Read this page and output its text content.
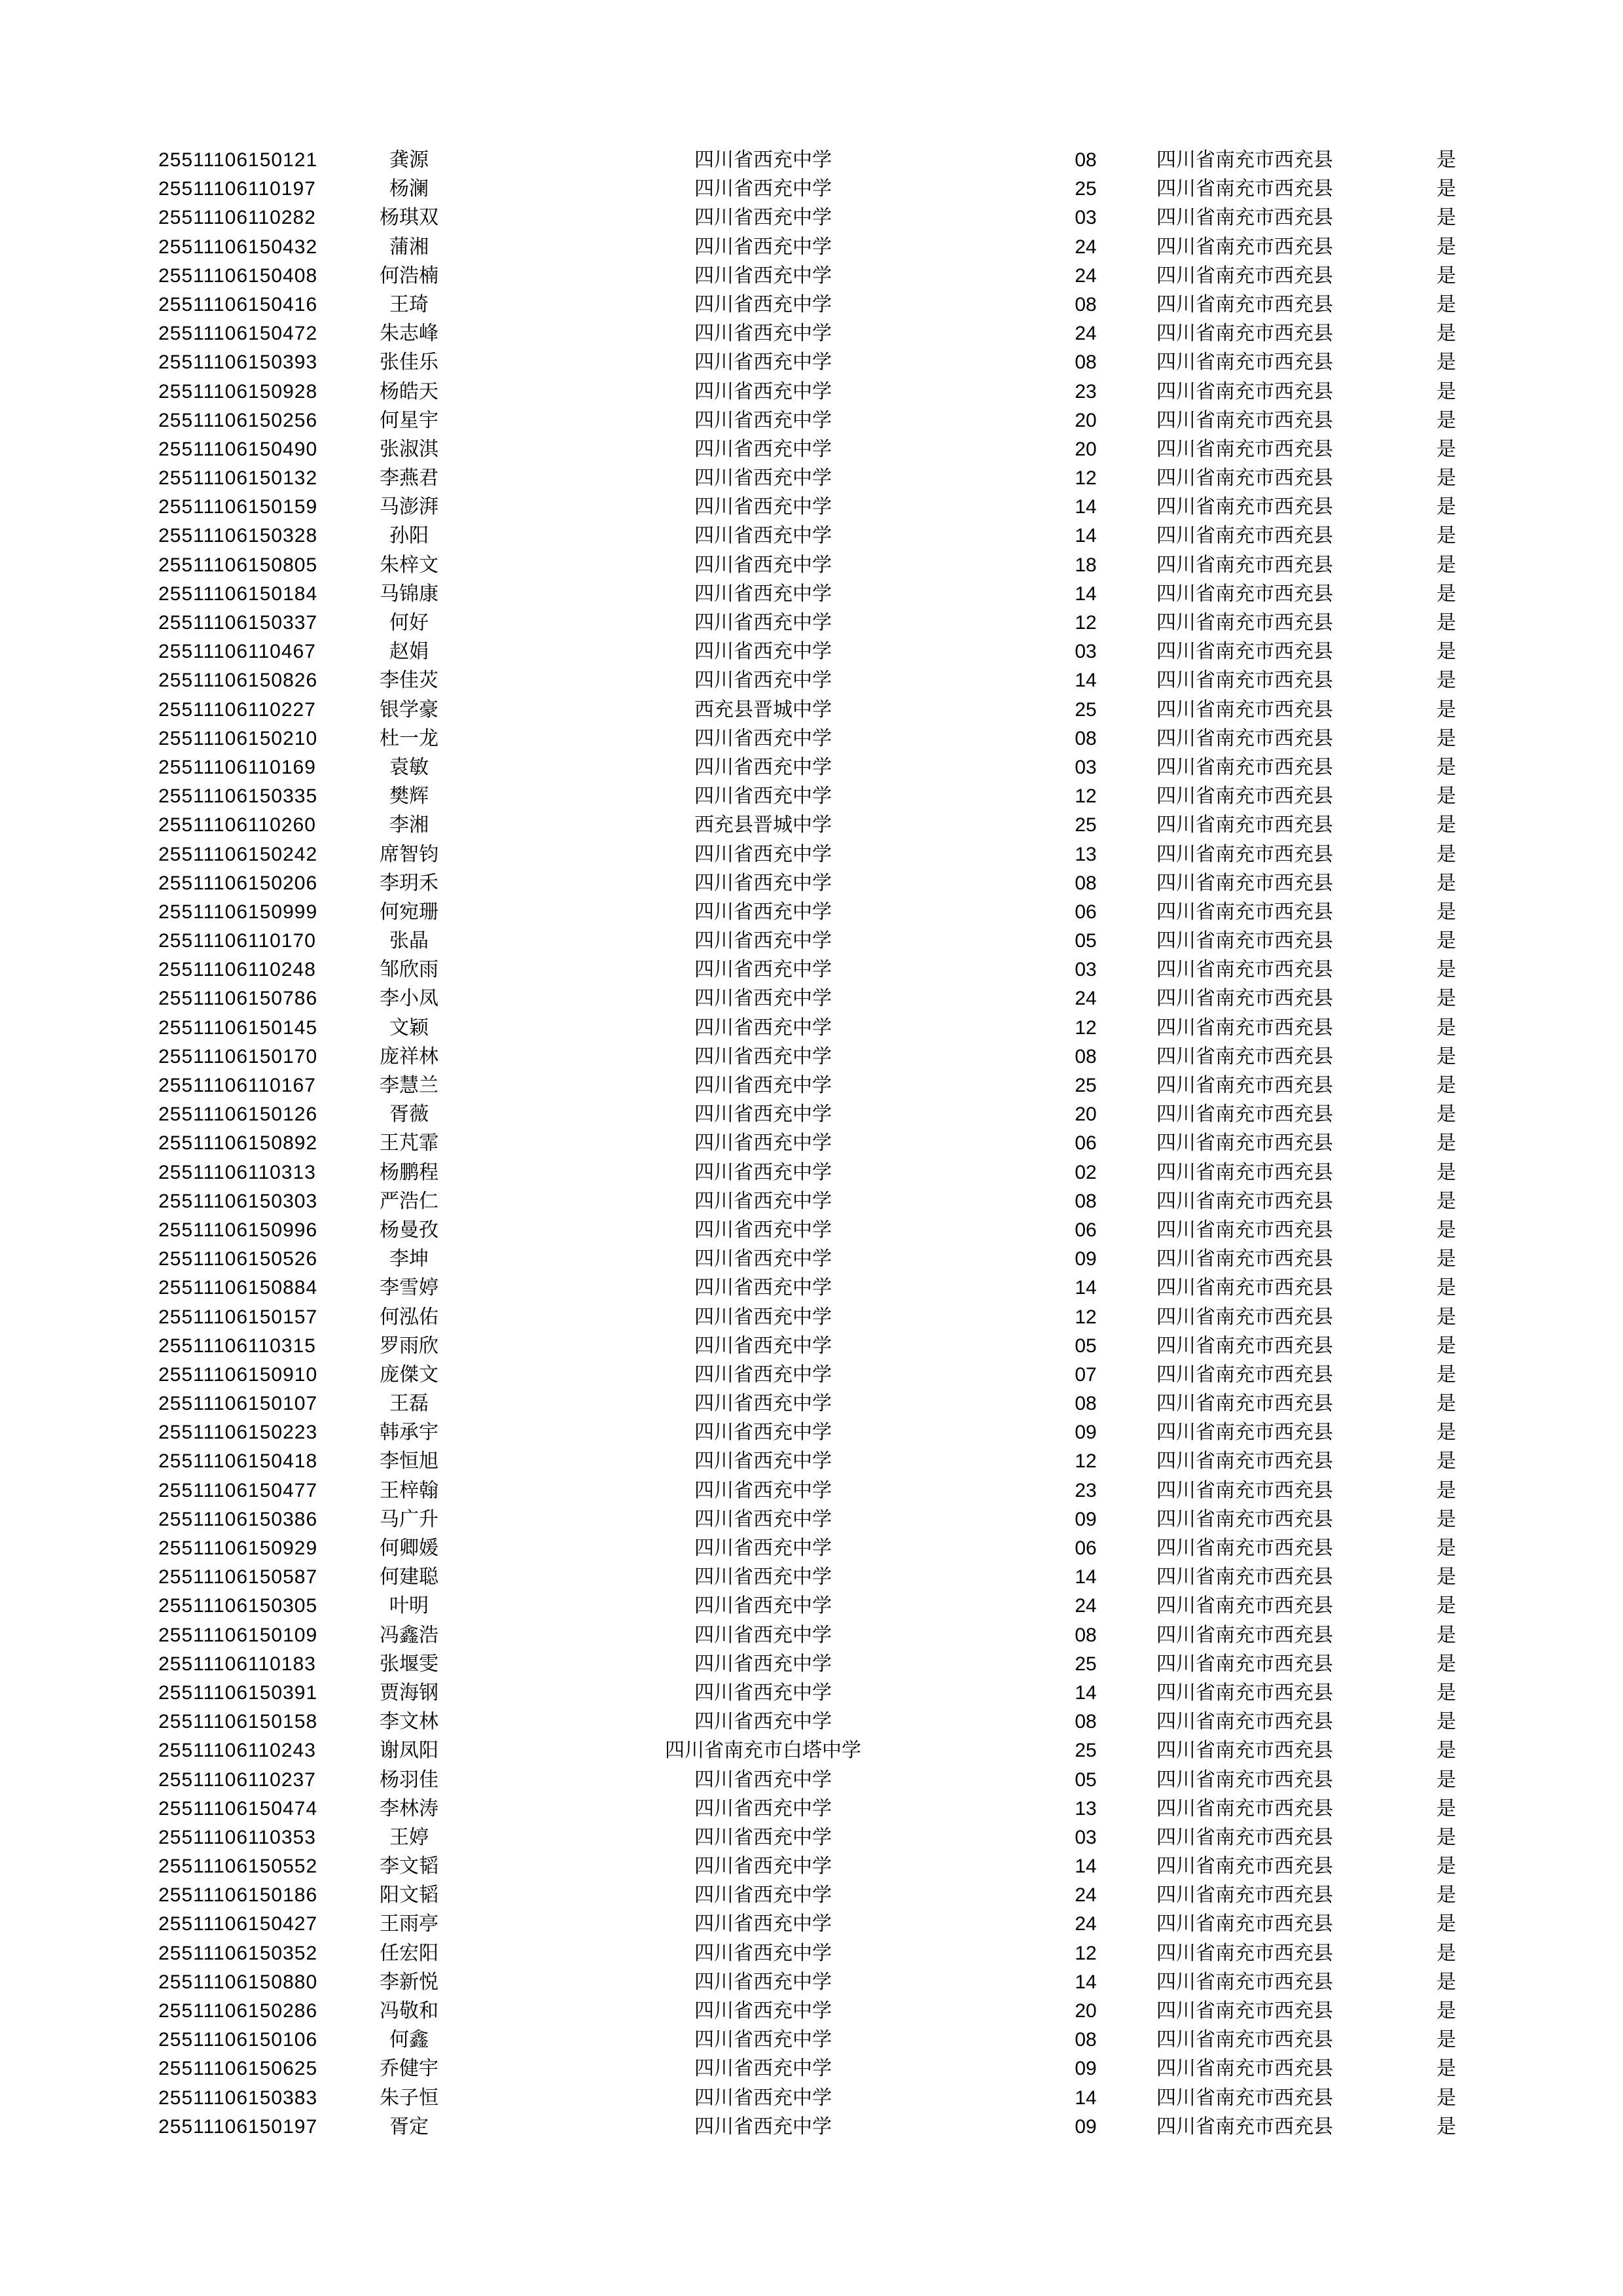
25511106150121	龚源	四川省西充中学	08	四川省南充市西充县	是
25511106110197	杨澜	四川省西充中学	25	四川省南充市西充县	是
25511106110282	杨琪双	四川省西充中学	03	四川省南充市西充县	是
25511106150432	蒲湘	四川省西充中学	24	四川省南充市西充县	是
25511106150408	何浩楠	四川省西充中学	24	四川省南充市西充县	是
25511106150416	王琦	四川省西充中学	08	四川省南充市西充县	是
25511106150472	朱志峰	四川省西充中学	24	四川省南充市西充县	是
25511106150393	张佳乐	四川省西充中学	08	四川省南充市西充县	是
25511106150928	杨皓天	四川省西充中学	23	四川省南充市西充县	是
25511106150256	何星宇	四川省西充中学	20	四川省南充市西充县	是
25511106150490	张淑淇	四川省西充中学	20	四川省南充市西充县	是
25511106150132	李燕君	四川省西充中学	12	四川省南充市西充县	是
25511106150159	马澎湃	四川省西充中学	14	四川省南充市西充县	是
25511106150328	孙阳	四川省西充中学	14	四川省南充市西充县	是
25511106150805	朱梓文	四川省西充中学	18	四川省南充市西充县	是
25511106150184	马锦康	四川省西充中学	14	四川省南充市西充县	是
25511106150337	何好	四川省西充中学	12	四川省南充市西充县	是
25511106110467	赵娟	四川省西充中学	03	四川省南充市西充县	是
25511106150826	李佳苂	四川省西充中学	14	四川省南充市西充县	是
25511106110227	银学豪	西充县晋城中学	25	四川省南充市西充县	是
25511106150210	杜一龙	四川省西充中学	08	四川省南充市西充县	是
25511106110169	袁敏	四川省西充中学	03	四川省南充市西充县	是
25511106150335	樊辉	四川省西充中学	12	四川省南充市西充县	是
25511106110260	李湘	西充县晋城中学	25	四川省南充市西充县	是
25511106150242	席智钧	四川省西充中学	13	四川省南充市西充县	是
25511106150206	李玥禾	四川省西充中学	08	四川省南充市西充县	是
25511106150999	何宛珊	四川省西充中学	06	四川省南充市西充县	是
25511106110170	张晶	四川省西充中学	05	四川省南充市西充县	是
25511106110248	邹欣雨	四川省西充中学	03	四川省南充市西充县	是
25511106150786	李小凤	四川省西充中学	24	四川省南充市西充县	是
25511106150145	文颖	四川省西充中学	12	四川省南充市西充县	是
25511106150170	庞祥林	四川省西充中学	08	四川省南充市西充县	是
25511106110167	李慧兰	四川省西充中学	25	四川省南充市西充县	是
25511106150126	胥薇	四川省西充中学	20	四川省南充市西充县	是
25511106150892	王芃霏	四川省西充中学	06	四川省南充市西充县	是
25511106110313	杨鹏程	四川省西充中学	02	四川省南充市西充县	是
25511106150303	严浩仁	四川省西充中学	08	四川省南充市西充县	是
25511106150996	杨曼孜	四川省西充中学	06	四川省南充市西充县	是
25511106150526	李坤	四川省西充中学	09	四川省南充市西充县	是
25511106150884	李雪婷	四川省西充中学	14	四川省南充市西充县	是
25511106150157	何泓佑	四川省西充中学	12	四川省南充市西充县	是
25511106110315	罗雨欣	四川省西充中学	05	四川省南充市西充县	是
25511106150910	庞傑文	四川省西充中学	07	四川省南充市西充县	是
25511106150107	王磊	四川省西充中学	08	四川省南充市西充县	是
25511106150223	韩承宇	四川省西充中学	09	四川省南充市西充县	是
25511106150418	李恒旭	四川省西充中学	12	四川省南充市西充县	是
25511106150477	王梓翰	四川省西充中学	23	四川省南充市西充县	是
25511106150386	马广升	四川省西充中学	09	四川省南充市西充县	是
25511106150929	何卿媛	四川省西充中学	06	四川省南充市西充县	是
25511106150587	何建聪	四川省西充中学	14	四川省南充市西充县	是
25511106150305	叶明	四川省西充中学	24	四川省南充市西充县	是
25511106150109	冯鑫浩	四川省西充中学	08	四川省南充市西充县	是
25511106110183	张堰雯	四川省西充中学	25	四川省南充市西充县	是
25511106150391	贾海钢	四川省西充中学	14	四川省南充市西充县	是
25511106150158	李文林	四川省西充中学	08	四川省南充市西充县	是
25511106110243	谢凤阳	四川省南充市白塔中学	25	四川省南充市西充县	是
25511106110237	杨羽佳	四川省西充中学	05	四川省南充市西充县	是
25511106150474	李林涛	四川省西充中学	13	四川省南充市西充县	是
25511106110353	王婷	四川省西充中学	03	四川省南充市西充县	是
25511106150552	李文韬	四川省西充中学	14	四川省南充市西充县	是
25511106150186	阳文韬	四川省西充中学	24	四川省南充市西充县	是
25511106150427	王雨亭	四川省西充中学	24	四川省南充市西充县	是
25511106150352	任宏阳	四川省西充中学	12	四川省南充市西充县	是
25511106150880	李新悦	四川省西充中学	14	四川省南充市西充县	是
25511106150286	冯敬和	四川省西充中学	20	四川省南充市西充县	是
25511106150106	何鑫	四川省西充中学	08	四川省南充市西充县	是
25511106150625	乔健宇	四川省西充中学	09	四川省南充市西充县	是
25511106150383	朱子恒	四川省西充中学	14	四川省南充市西充县	是
25511106150197	胥定	四川省西充中学	09	四川省南充市西充县	是
